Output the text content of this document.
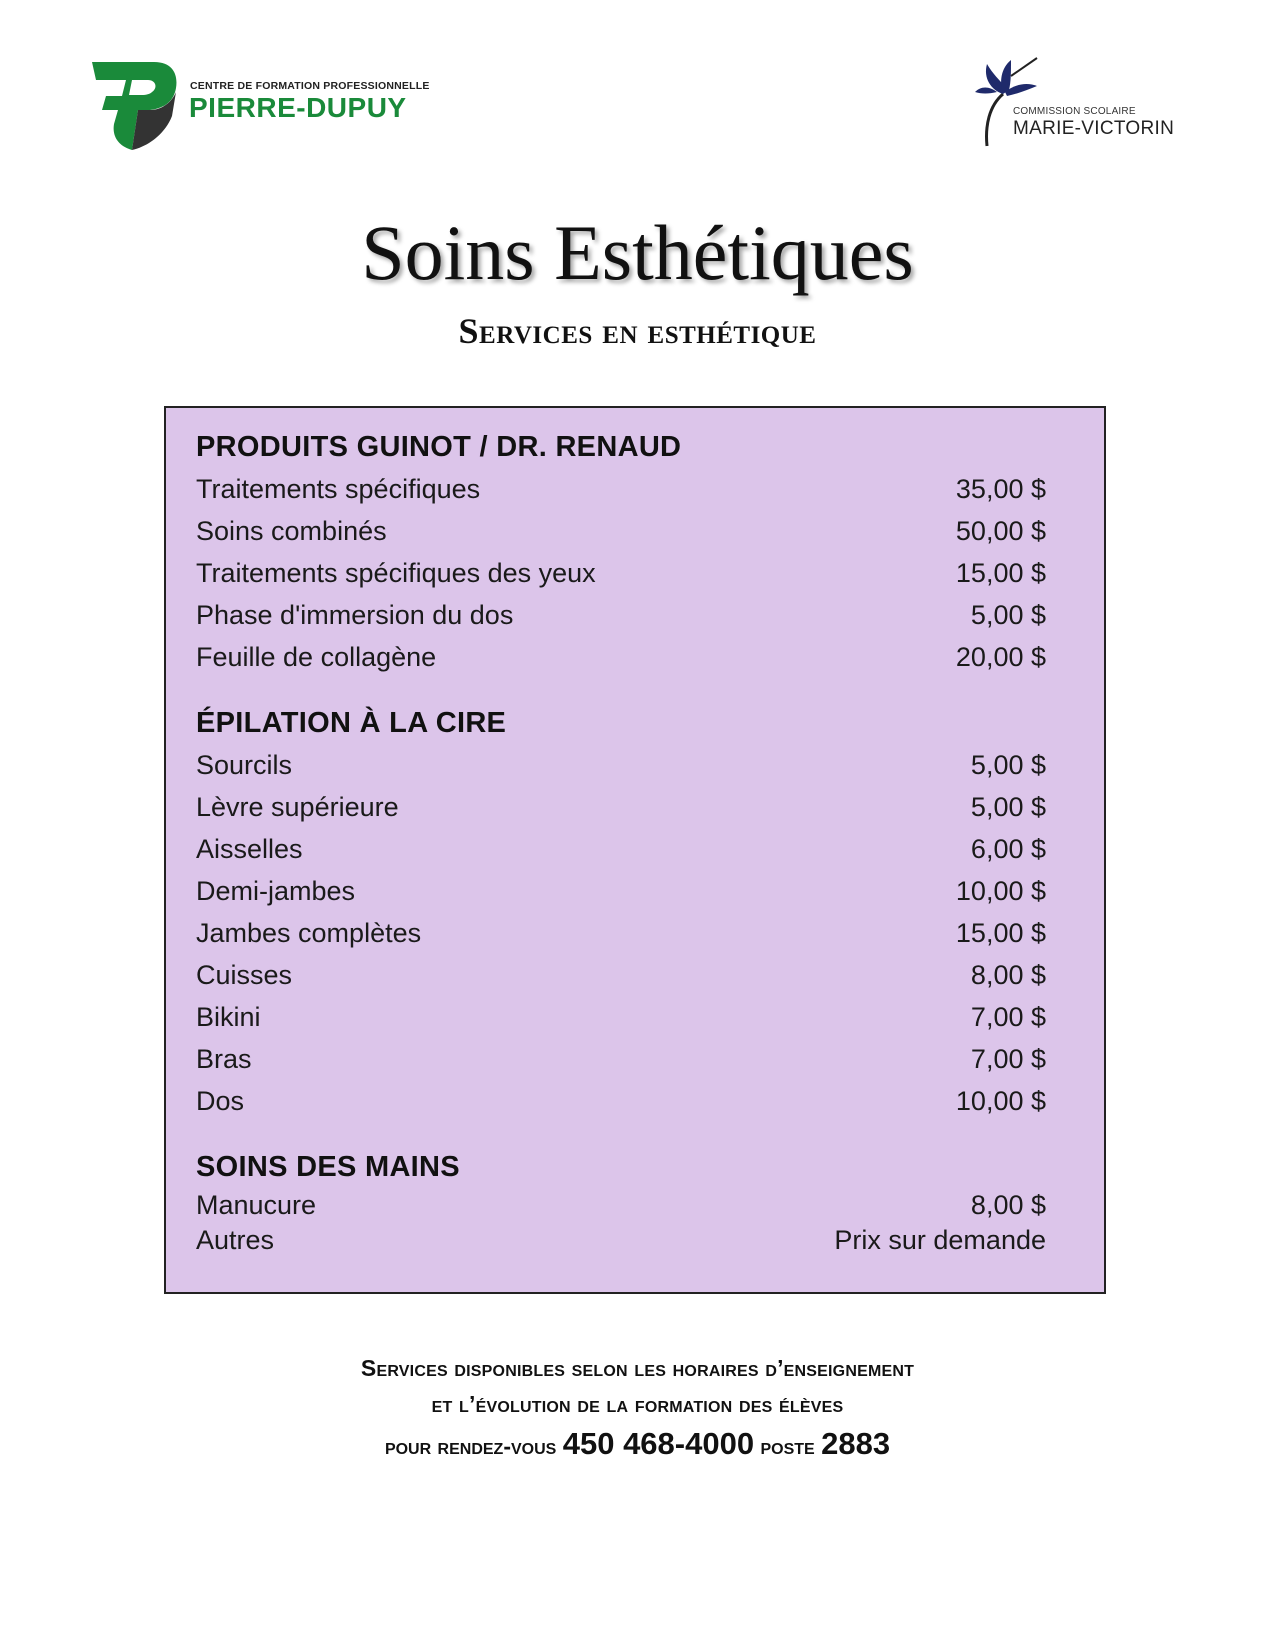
CENTRE DE FORMATION PROFESSIONNELLE
PIERRE-DUPUY	COMMISSION SCOLAIRE
MARIE-VICTORIN
Soins Esthétiques
Services en esthétique
PRODUITS GUINOT / DR. RENAUD
Traitements spécifiques	35,00 $
Soins combinés	50,00 $
Traitements spécifiques des yeux	15,00 $
Phase d'immersion du dos	5,00 $
Feuille de collagène	20,00 $
ÉPILATION À LA CIRE
Sourcils	5,00 $
Lèvre supérieure	5,00 $
Aisselles	6,00 $
Demi-jambes	10,00 $
Jambes complètes	15,00 $
Cuisses	8,00 $
Bikini	7,00 $
Bras	7,00 $
Dos	10,00 $
SOINS DES MAINS
Manucure	8,00 $
Autres	Prix sur demande
Services disponibles selon les horaires d’enseignement
et l’évolution de la formation des élèves
pour rendez-vous 450 468-4000 poste 2883
